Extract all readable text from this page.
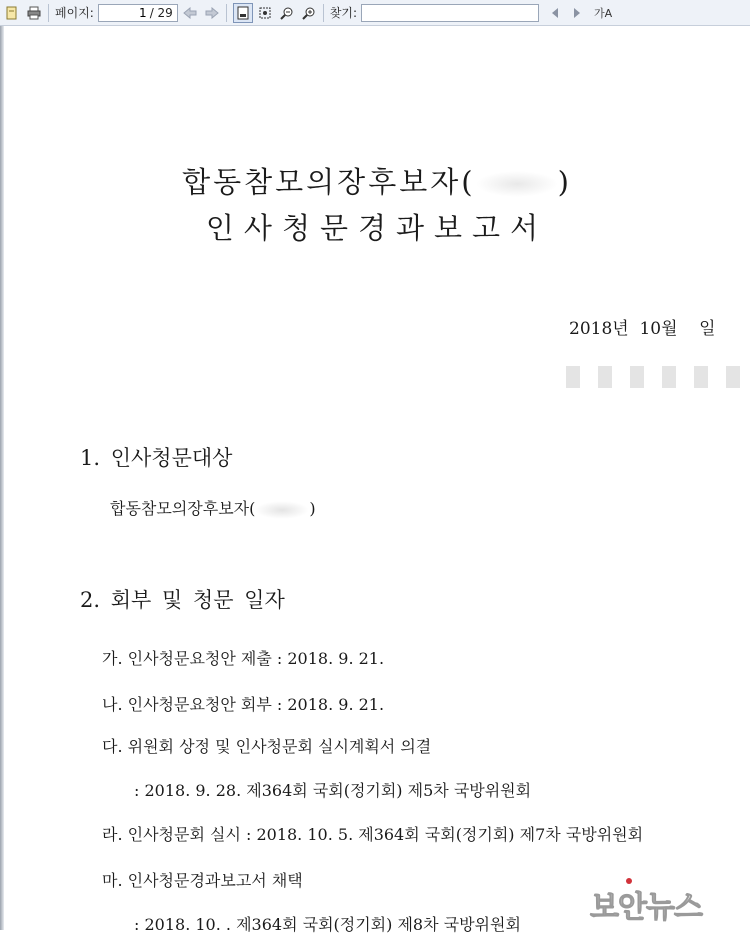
페이지:
1	/ 29	찾기:	가A
합동참모의장후보자(	)
인사청문경과보고서
2018년  10월    일
1. 인사청문대상
합동참모의장후보자(	)
2. 회부 및 청문 일자
가. 인사청문요청안 제출 : 2018. 9. 21.
나. 인사청문요청안 회부 : 2018. 9. 21.
다. 위원회 상정 및 인사청문회 실시계획서 의결
: 2018. 9. 28. 제364회 국회(정기회) 제5차 국방위원회
라. 인사청문회 실시 : 2018. 10. 5. 제364회 국회(정기회) 제7차 국방위원회
마. 인사청문경과보고서 채택
: 2018. 10. . 제364회 국회(정기회) 제8차 국방위원회 보안뉴스
